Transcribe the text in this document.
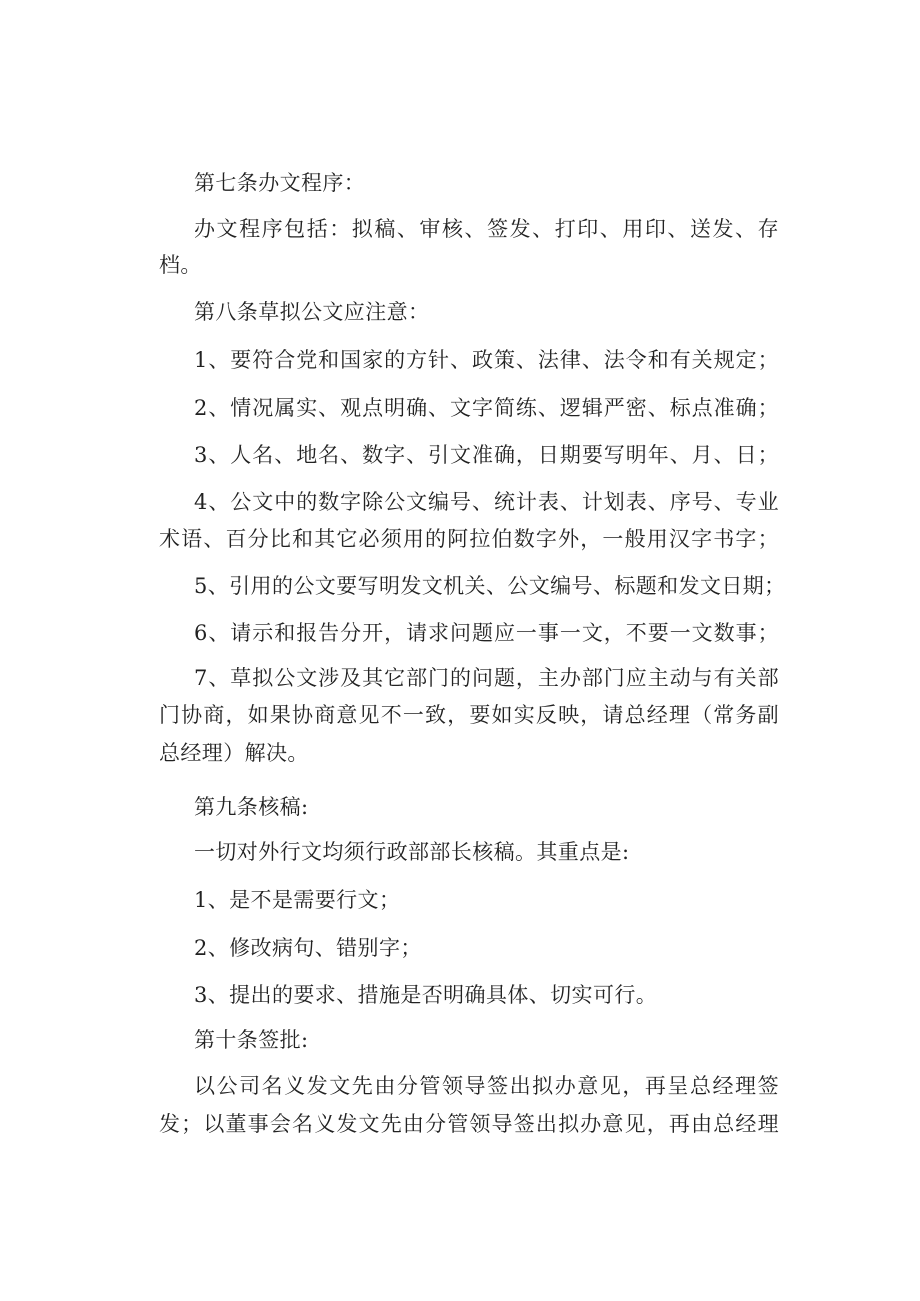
第七条办文程序：
办文程序包括：拟稿、审核、签发、打印、用印、送发、存
档。
第八条草拟公文应注意：
1、要符合党和国家的方针、政策、法律、法令和有关规定；
2、情况属实、观点明确、文字简练、逻辑严密、标点准确；
3、人名、地名、数字、引文准确，日期要写明年、月、日；
4、公文中的数字除公文编号、统计表、计划表、序号、专业
术语、百分比和其它必须用的阿拉伯数字外，一般用汉字书字；
5、引用的公文要写明发文机关、公文编号、标题和发文日期；
6、请示和报告分开，请求问题应一事一文，不要一文数事；
7、草拟公文涉及其它部门的问题，主办部门应主动与有关部
门协商，如果协商意见不一致，要如实反映，请总经理（常务副
总经理）解决。
第九条核稿:
一切对外行文均须行政部部长核稿。其重点是:
1、是不是需要行文；
2、修改病句、错别字；
3、提出的要求、措施是否明确具体、切实可行。
第十条签批:
以公司名义发文先由分管领导签出拟办意见，再呈总经理签
发；以董事会名义发文先由分管领导签出拟办意见，再由总经理
